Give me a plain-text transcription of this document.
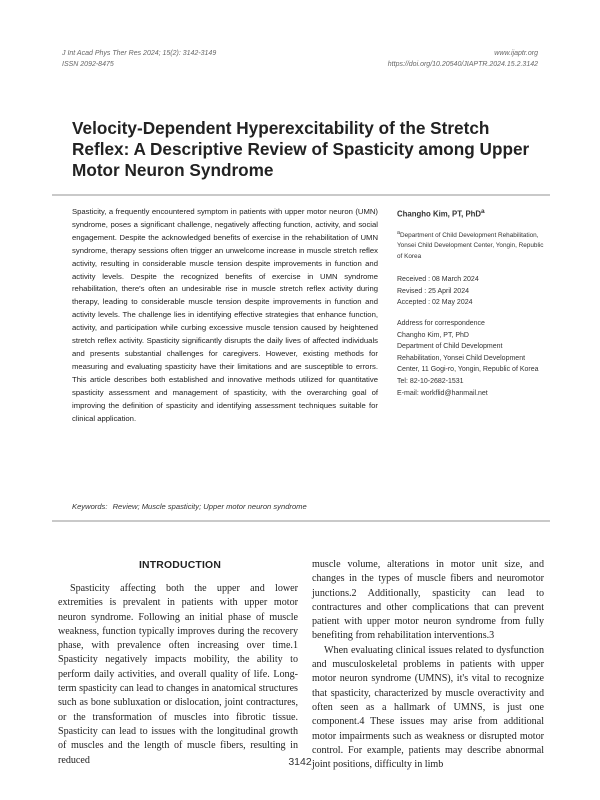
J Int Acad Phys Ther Res 2024; 15(2): 3142-3149
ISSN 2092-8475
www.ijaptr.org
https://doi.org/10.20540/JIAPTR.2024.15.2.3142
Velocity-Dependent Hyperexcitability of the Stretch Reflex: A Descriptive Review of Spasticity among Upper Motor Neuron Syndrome
Spasticity, a frequently encountered symptom in patients with upper motor neuron (UMN) syndrome, poses a significant challenge, negatively affecting function, activity, and social engagement. Despite the acknowledged benefits of exercise in the rehabilitation of UMN syndrome, therapy sessions often trigger an unwelcome increase in muscle stretch reflex activity, resulting in considerable muscle tension despite improvements in function and activity levels. Despite the recognized benefits of exercise in UMN syndrome rehabilitation, there's often an undesirable rise in muscle stretch reflex activity during therapy, leading to considerable muscle tension despite improvements in function and activity levels. The challenge lies in identifying effective strategies that enhance function, activity, and participation while curbing excessive muscle tension caused by heightened stretch reflex activity. Spasticity significantly disrupts the daily lives of affected individuals and presents substantial challenges for caregivers. However, existing methods for measuring and evaluating spasticity have their limitations and are susceptible to errors. This article describes both established and innovative methods utilized for quantitative spasticity assessment and management of spasticity, with the overarching goal of improving the definition of spasticity and identifying assessment techniques suitable for clinical application.
Changho Kim, PT, PhD$^a$
$^a$Department of Child Development Rehabilitation, Yonsei Child Development Center, Yongin, Republic of Korea
Received : 08 March 2024
Revised : 25 April 2024
Accepted : 02 May 2024
Address for correspondence
Changho Kim, PT, PhD
Department of Child Development Rehabilitation, Yonsei Child Development Center, 11 Gogi-ro, Yongin, Republic of Korea
Tel: 82-10-2682-1531
E-mail: workflid@hanmail.net
Keywords: Review; Muscle spasticity; Upper motor neuron syndrome
INTRODUCTION

Spasticity affecting both the upper and lower extremities is prevalent in patients with upper motor neuron syndrome. Following an initial phase of muscle weakness, function typically improves during the recovery phase, with prevalence often increasing over time.1 Spasticity negatively impacts mobility, the ability to perform daily activities, and overall quality of life. Long-term spasticity can lead to changes in anatomical structures such as bone subluxation or dislocation, joint contractures, or the transformation of muscles into fibrotic tissue. Spasticity can lead to issues with the longitudinal growth of muscles and the length of muscle fibers, resulting in reduced

muscle volume, alterations in motor unit size, and changes in the types of muscle fibers and neuromotor junctions.2 Additionally, spasticity can lead to contractures and other complications that can prevent patient with upper motor neuron syndrome from fully benefiting from rehabilitation interventions.3

When evaluating clinical issues related to dysfunction and musculoskeletal problems in patients with upper motor neuron syndrome (UMNS), it's vital to recognize that spasticity, characterized by muscle overactivity and often seen as a hallmark of UMNS, is just one component.4 These issues may arise from additional motor impairments such as weakness or disrupted motor control. For example, patients may describe abnormal joint positions, difficulty in limb

3142
